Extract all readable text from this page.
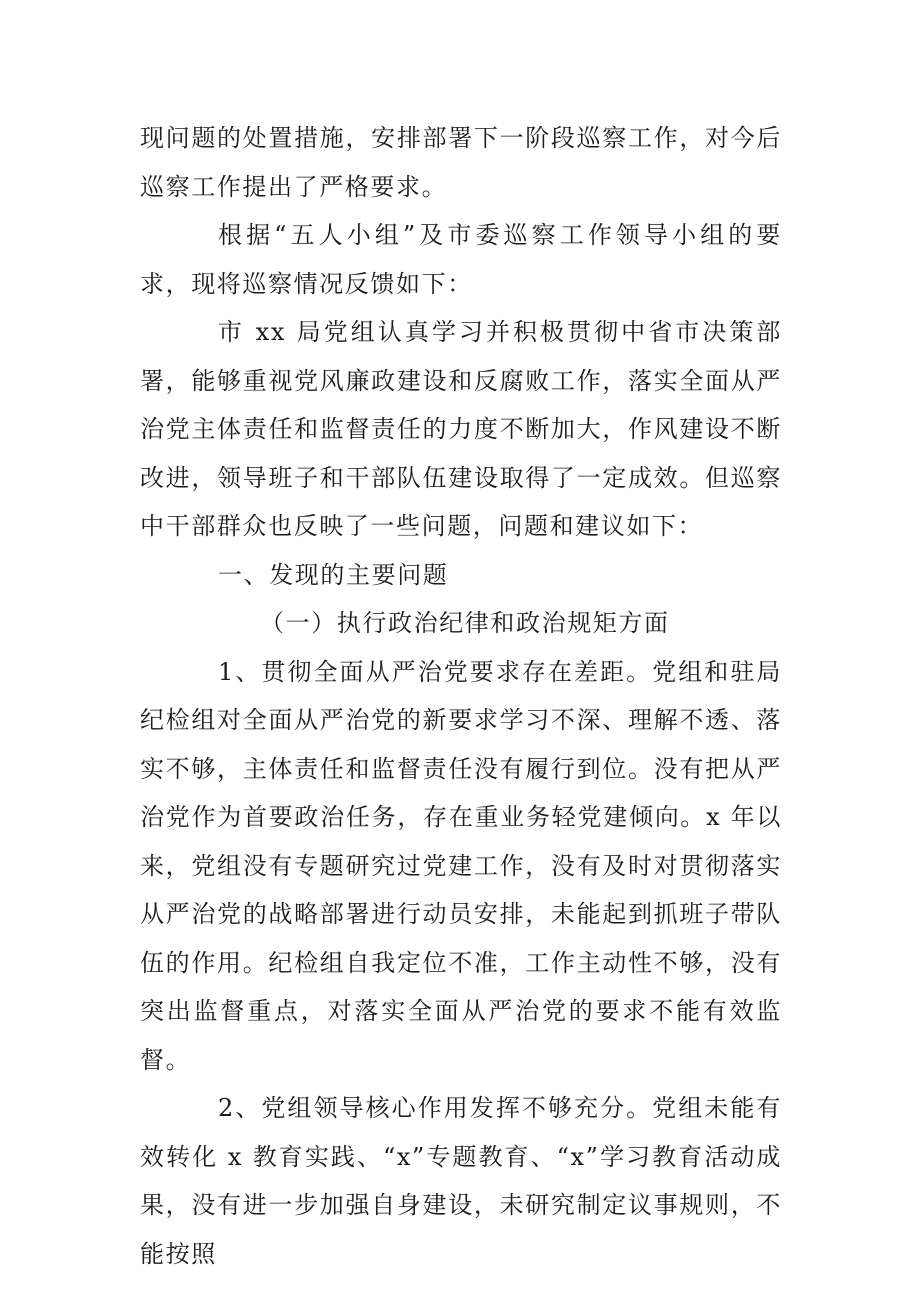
现问题的处置措施，安排部署下一阶段巡察工作，对今后巡察工作提出了严格要求。

根据“五人小组”及市委巡察工作领导小组的要求，现将巡察情况反馈如下：

市 xx 局党组认真学习并积极贯彻中省市决策部署，能够重视党风廉政建设和反腐败工作，落实全面从严治党主体责任和监督责任的力度不断加大，作风建设不断改进，领导班子和干部队伍建设取得了一定成效。但巡察中干部群众也反映了一些问题，问题和建议如下：

一、发现的主要问题

（一）执行政治纪律和政治规矩方面

1、贯彻全面从严治党要求存在差距。党组和驻局纪检组对全面从严治党的新要求学习不深、理解不透、落实不够，主体责任和监督责任没有履行到位。没有把从严治党作为首要政治任务，存在重业务轻党建倾向。x 年以来，党组没有专题研究过党建工作，没有及时对贯彻落实从严治党的战略部署进行动员安排，未能起到抓班子带队伍的作用。纪检组自我定位不准，工作主动性不够，没有突出监督重点，对落实全面从严治党的要求不能有效监督。

2、党组领导核心作用发挥不够充分。党组未能有效转化 x 教育实践、“x”专题教育、“x”学习教育活动成果，没有进一步加强自身建设，未研究制定议事规则，不能按照
